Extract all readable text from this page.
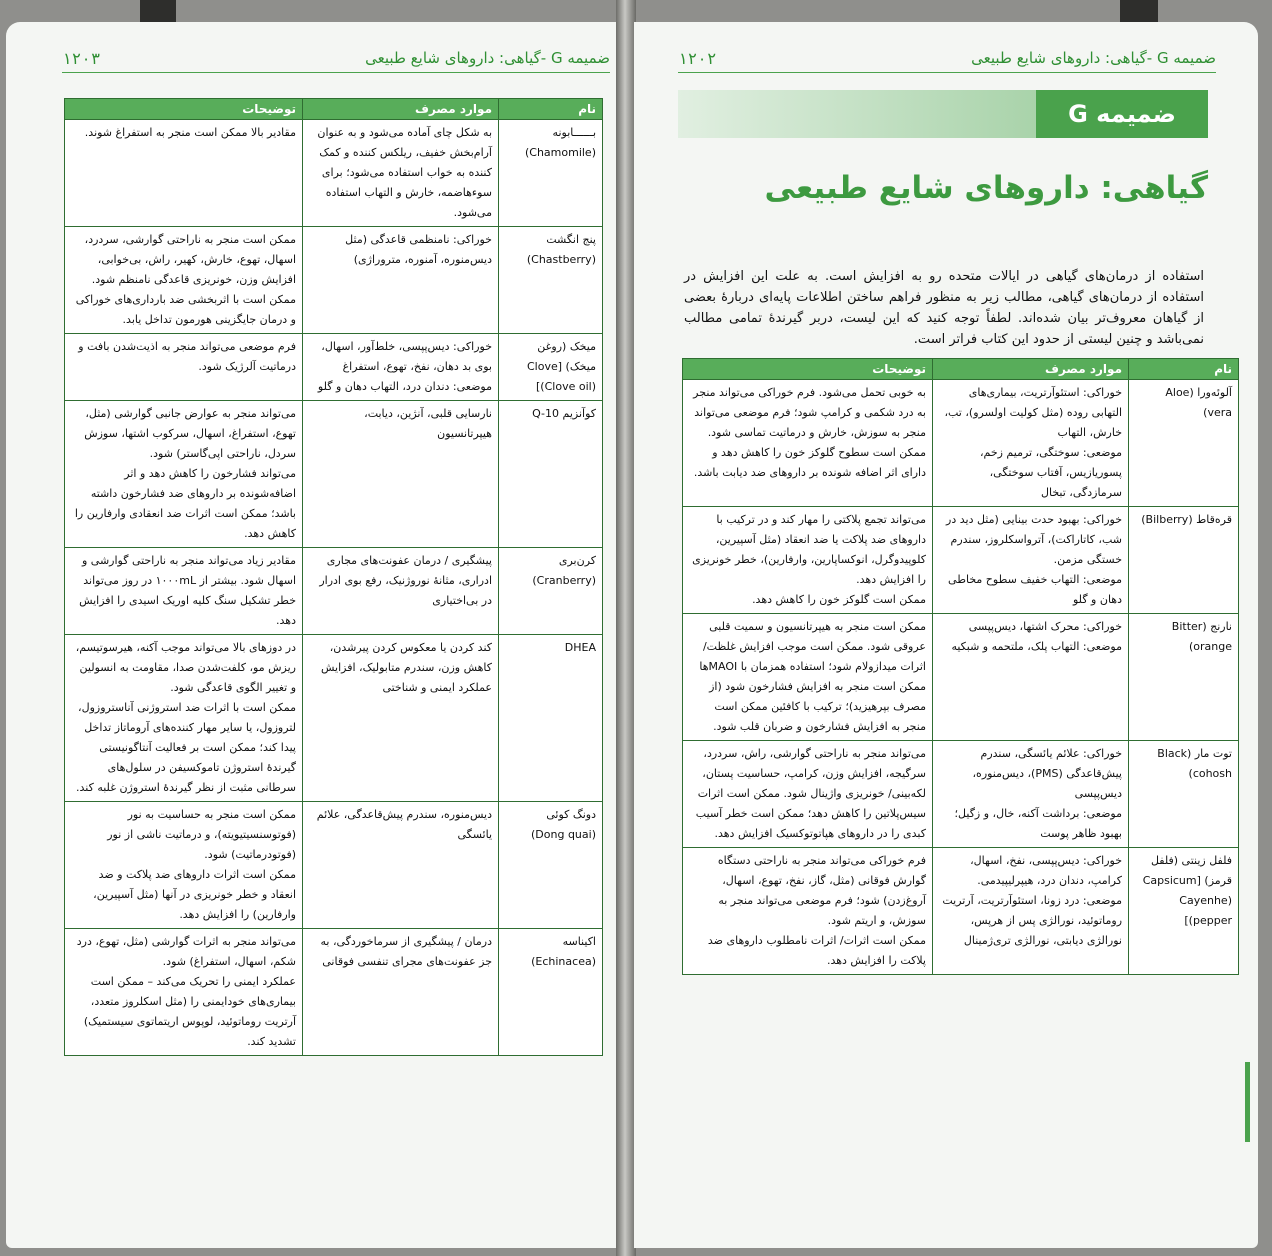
ضمیمه G -گیاهی: داروهای شایع طبیعی
۱۲۰۳
نام	موارد مصرف	توضیحات
بــــــابونه
(Chamomile)	به شکل چای آماده می‌شود و به عنوان آرام‌بخش خفیف، ریلکس کننده و کمک کننده به خواب استفاده می‌شود؛ برای سوءهاضمه، خارش و التهاب استفاده می‌شود.	مقادیر بالا ممکن است منجر به استفراغ شوند.
پنج انگشت
(Chastberry)	خوراکی: نامنظمی قاعدگی (مثل دیس‌منوره، آمنوره، متروراژی)	ممکن است منجر به ناراحتی گوارشی، سردرد، اسهال، تهوع، خارش، کهیر، راش، بی‌خوابی، افزایش وزن، خونریزی قاعدگی نامنظم شود.
ممکن است با اثربخشی ضد بارداری‌های خوراکی و درمان جایگزینی هورمون تداخل یابد.
میخک (روغن میخک) [Clove
(Clove oil)]	خوراکی: دیس‌پپسی، خلط‌آور، اسهال، بوی بد دهان، نفخ، تهوع، استفراغ
موضعی: دندان درد، التهاب دهان و گلو	فرم موضعی می‌تواند منجر به اذیت‌شدن بافت و درماتیت آلرژیک شود.
کوآنزیم Q-10	نارسایی قلبی، آنژین، دیابت، هیپرتانسیون	می‌تواند منجر به عوارض جانبی گوارشی (مثل، تهوع، استفراغ، اسهال، سرکوب اشتها، سوزش سردل، ناراحتی اپی‌گاستر) شود.
می‌تواند فشارخون را کاهش دهد و اثر اضافه‌شونده بر داروهای ضد فشارخون داشته باشد؛ ممکن است اثرات ضد انعقادی وارفارین را کاهش دهد.
کرن‌بری
(Cranberry)	پیشگیری / درمان عفونت‌های مجاری ادراری، مثانهٔ نوروژنیک، رفع بوی ادرار در بی‌اختیاری	مقادیر زیاد می‌تواند منجر به ناراحتی گوارشی و اسهال شود. بیشتر از ۱۰۰۰mL در روز می‌تواند خطر تشکیل سنگ کلیه اوریک اسیدی را افزایش دهد.
DHEA	کند کردن یا معکوس کردن پیرشدن، کاهش وزن، سندرم متابولیک، افزایش عملکرد ایمنی و شناختی	در دوزهای بالا می‌تواند موجب آکنه، هیرسوتیسم، ریزش مو، کلفت‌شدن صدا، مقاومت به انسولین و تغییر الگوی قاعدگی شود.
ممکن است با اثرات ضد استروژنی آناستروزول، لتروزول، یا سایر مهار کننده‌های آروماتاز تداخل پیدا کند؛ ممکن است بر فعالیت آنتاگونیستی گیرندهٔ استروژن تاموکسیفن در سلول‌های سرطانی مثبت از نظر گیرندهٔ استروژن غلبه کند.
دونگ کوئی
(Dong quai)	دیس‌منوره، سندرم پیش‌قاعدگی، علائم یائسگی	ممکن است منجر به حساسیت به نور (فوتوسنسیتیویته)، و درماتیت ناشی از نور (فوتودرماتیت) شود.
ممکن است اثرات داروهای ضد پلاکت و ضد انعقاد و خطر خونریزی در آنها (مثل آسپیرین، وارفارین) را افزایش دهد.
اکیناسه
(Echinacea)	درمان / پیشگیری از سرماخوردگی، به جز عفونت‌های مجرای تنفسی فوقانی	می‌تواند منجر به اثرات گوارشی (مثل، تهوع، درد شکم، اسهال، استفراغ) شود.
عملکرد ایمنی را تحریک می‌کند – ممکن است بیماری‌های خودایمنی را (مثل اسکلروز متعدد، آرتریت روماتوئید، لوپوس اریتماتوی سیستمیک) تشدید کند.
ضمیمه G -گیاهی: داروهای شایع طبیعی
۱۲۰۲
ضمیمه G
گیاهی: داروهای شایع طبیعی
استفاده از درمان‌های گیاهی در ایالات متحده رو به افزایش است. به علت این افزایش در استفاده از درمان‌های گیاهی، مطالب زیر به منظور فراهم ساختن اطلاعات پایه‌ای دربارهٔ بعضی از گیاهان معروف‌تر بیان شده‌اند. لطفاً توجه کنید که این لیست، دربر گیرندهٔ تمامی مطالب نمی‌باشد و چنین لیستی از حدود این کتاب فراتر است.
نام	موارد مصرف	توضیحات
آلوئه‌ورا (Aloe vera)	خوراکی: استئوآرتریت، بیماری‌های التهابی روده (مثل کولیت اولسرو)، تب، خارش، التهاب
موضعی: سوختگی، ترمیم زخم، پسوریازیس، آفتاب سوختگی، سرمازدگی، تبخال	به خوبی تحمل می‌شود. فرم خوراکی می‌تواند منجر به درد شکمی و کرامپ شود؛ فرم موضعی می‌تواند منجر به سوزش، خارش و درماتیت تماسی شود.
ممکن است سطوح گلوکز خون را کاهش دهد و دارای اثر اضافه شونده بر داروهای ضد دیابت باشد.
قره‌قاط (Bilberry)	خوراکی: بهبود حدت بینایی (مثل دید در شب، کاتاراکت)، آترواسکلروز، سندرم خستگی مزمن.
موضعی: التهاب خفیف سطوح مخاطی دهان و گلو	می‌تواند تجمع پلاکتی را مهار کند و در ترکیب با داروهای ضد پلاکت یا ضد انعقاد (مثل آسپیرین، کلوپیدوگرل، انوکساپارین، وارفارین)، خطر خونریزی را افزایش دهد.
ممکن است گلوکز خون را کاهش دهد.
نارنج (Bitter
orange)	خوراکی: محرک اشتها، دیس‌پپسی
موضعی: التهاب پلک، ملتحمه و شبکیه	ممکن است منجر به هیپرتانسیون و سمیت قلبی عروقی شود. ممکن است موجب افزایش غلظت/ اثرات میدازولام شود؛ استفاده همزمان با MAOIها ممکن است منجر به افزایش فشارخون شود (از مصرف بپرهیزید)؛ ترکیب با کافئین ممکن است منجر به افزایش فشارخون و ضربان قلب شود.
توت مار (Black
cohosh)	خوراکی: علائم یائسگی، سندرم پیش‌قاعدگی (PMS)، دیس‌منوره، دیس‌پپسی
موضعی: برداشت آکنه، خال، و زگیل؛ بهبود ظاهر پوست	می‌تواند منجر به ناراحتی گوارشی، راش، سردرد، سرگیجه، افزایش وزن، کرامپ، حساسیت پستان، لکه‌بینی/ خونریزی واژینال شود. ممکن است اثرات سیس‌پلاتین را کاهش دهد؛ ممکن است خطر آسیب کبدی را در داروهای هپاتوتوکسیک افزایش دهد.
فلفل زینتی (فلفل قرمز) [Capsicum
(Cayenhe pepper)]	خوراکی: دیس‌پپسی، نفخ، اسهال، کرامپ، دندان درد، هیپرلیپیدمی.
موضعی: درد زونا، استئوآرتریت، آرتریت روماتوئید، نورالژی پس از هرپس، نورالژی دیابتی، نورالژی تری‌ژمینال	فرم خوراکی می‌تواند منجر به ناراحتی دستگاه گوارش فوقانی (مثل، گاز، نفخ، تهوع، اسهال، آروغ‌زدن) شود؛ فرم موضعی می‌تواند منجر به سوزش، و اریتم شود.
ممکن است اثرات/ اثرات نامطلوب داروهای ضد پلاکت را افزایش دهد.
